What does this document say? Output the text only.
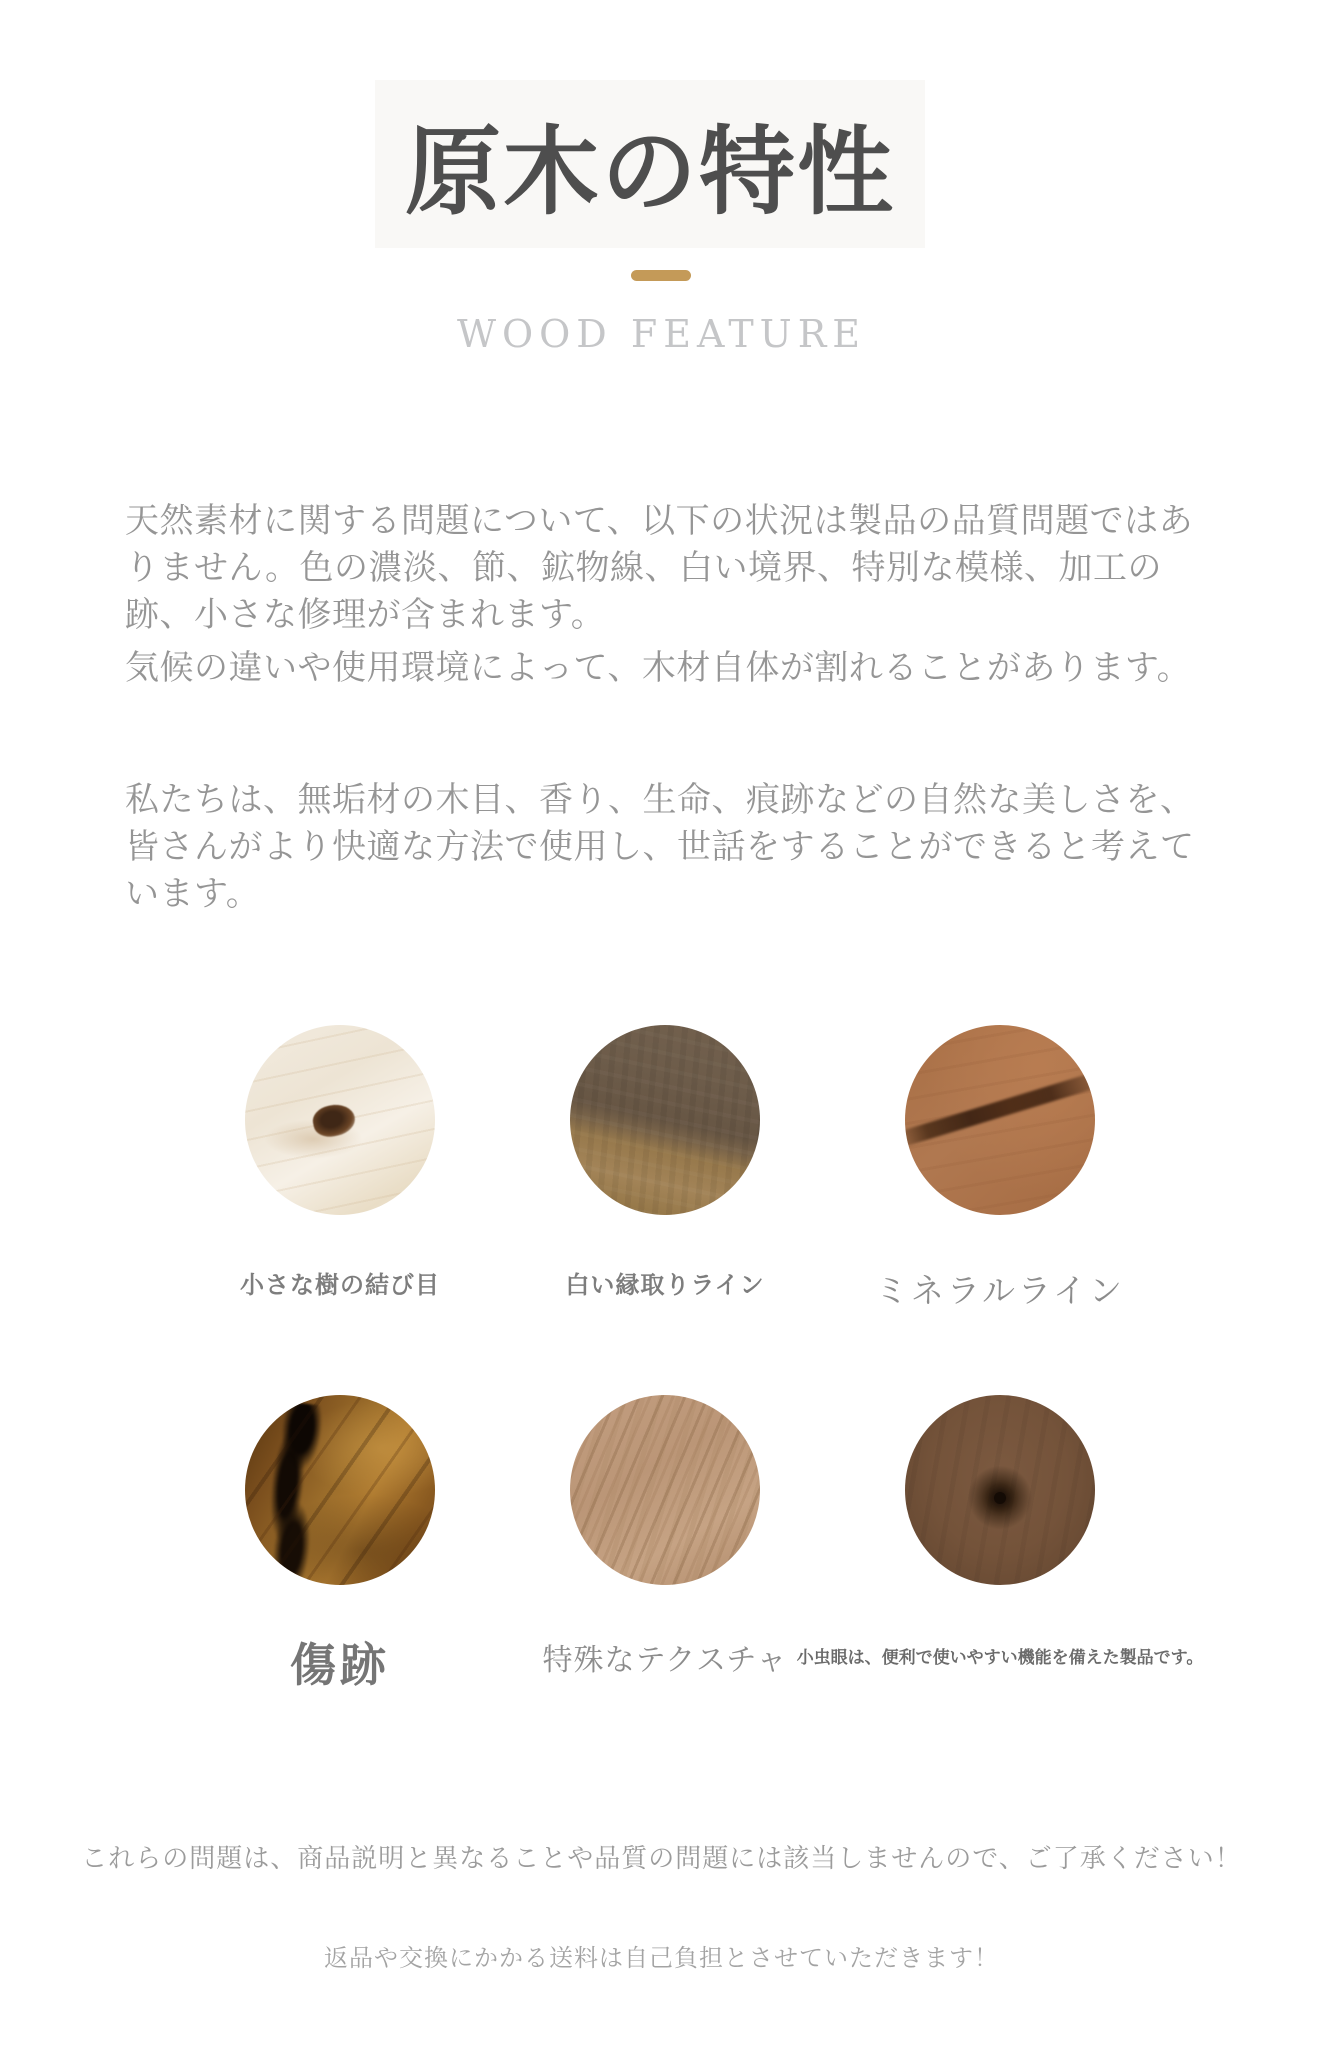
原木の特性
WOOD FEATURE

天然素材に関する問題について、以下の状況は製品の品質問題ではありません。色の濃淡、節、鉱物線、白い境界、特別な模様、加工の跡、小さな修理が含まれます。

気候の違いや使用環境によって、木材自体が割れることがあります。

私たちは、無垢材の木目、香り、生命、痕跡などの自然な美しさを、皆さんがより快適な方法で使用し、世話をすることができると考えています。

小さな樹の結び目	白い縁取りライン	ミネラルライン
傷跡	特殊なテクスチャ 小虫眼は、便利で使いやすい機能を備えた製品です。

これらの問題は、商品説明と異なることや品質の問題には該当しませんので、ご了承ください！

返品や交換にかかる送料は自己負担とさせていただきます！
